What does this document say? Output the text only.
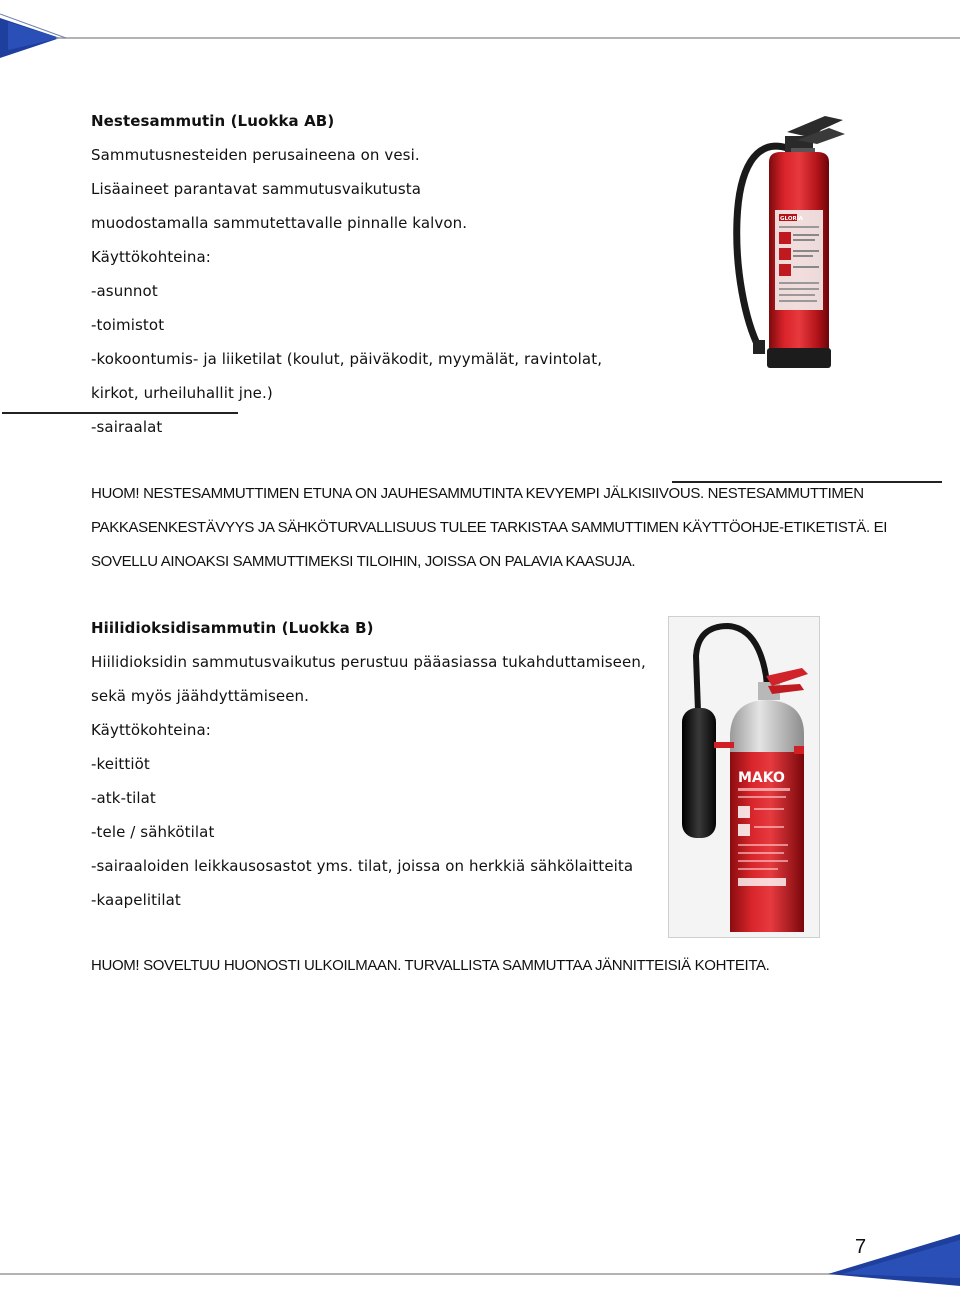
Nestesammutin (Luokka AB)
Sammutusnesteiden perusaineena on vesi.
Lisäaineet parantavat sammutusvaikutusta
muodostamalla sammutettavalle pinnalle kalvon.
Käyttökohteina:
-asunnot
-toimistot
-kokoontumis- ja liiketilat (koulut, päiväkodit, myymälät, ravintolat,
kirkot, urheiluhallit jne.)
-sairaalat
GLORIA
HUOM! NESTESAMMUTTIMEN ETUNA ON JAUHESAMMUTINTA KEVYEMPI JÄLKISIIVOUS. NESTESAMMUTTIMEN
PAKKASENKESTÄVYYS JA SÄHKÖTURVALLISUUS TULEE TARKISTAA SAMMUTTIMEN KÄYTTÖOHJE-ETIKETISTÄ. EI
SOVELLU AINOAKSI SAMMUTTIMEKSI TILOIHIN, JOISSA ON PALAVIA KAASUJA.
Hiilidioksidisammutin (Luokka B)
Hiilidioksidin sammutusvaikutus perustuu pääasiassa tukahduttamiseen,
sekä myös jäähdyttämiseen.
Käyttökohteina:
-keittiöt
-atk-tilat
-tele / sähkötilat
-sairaaloiden leikkausosastot yms. tilat, joissa on herkkiä sähkölaitteita
-kaapelitilat
MAKO
HUOM! SOVELTUU HUONOSTI ULKOILMAAN. TURVALLISTA SAMMUTTAA JÄNNITTEISIÄ KOHTEITA.
7
